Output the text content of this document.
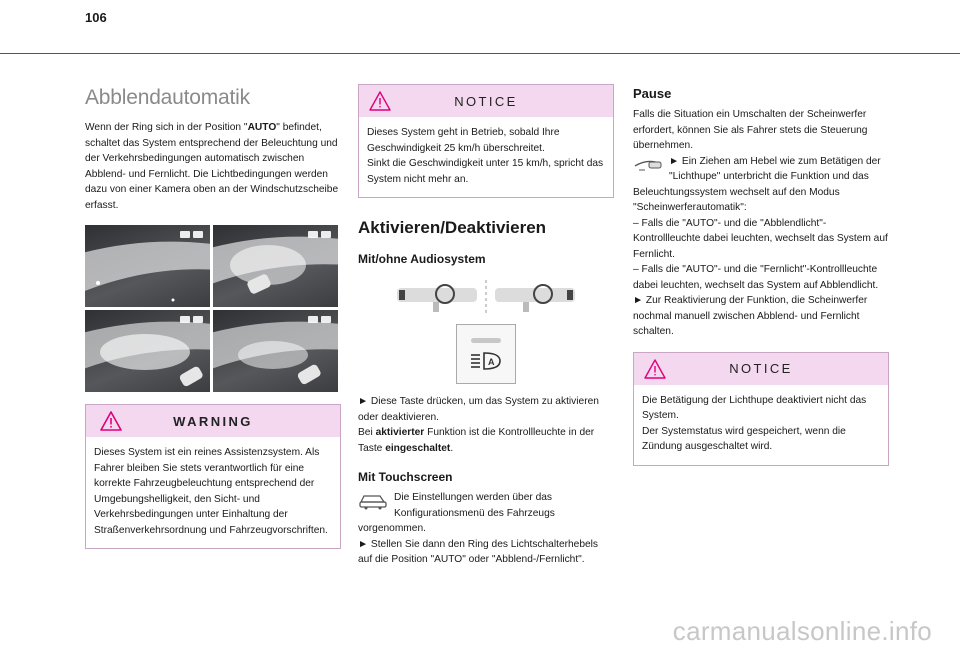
106
Abblendautomatik

Wenn der Ring sich in der Position "AUTO" befindet, schaltet das System entsprechend der Beleuchtung und der Verkehrsbedingungen automatisch zwischen Abblend- und Fernlicht. Die Lichtbedingungen werden dazu von einer Kamera oben an der Windschutzscheibe erfasst.

WARNING

Dieses System ist ein reines Assistenzsystem. Als Fahrer bleiben Sie stets verantwortlich für eine korrekte Fahrzeugbeleuchtung entsprechend der Umgebungshelligkeit, den Sicht- und Verkehrsbedingungen unter Einhaltung der Straßenverkehrsordnung und Fahrzeugvorschriften.

NOTICE

Dieses System geht in Betrieb, sobald Ihre Geschwindigkeit 25 km/h überschreitet.

Sinkt die Geschwindigkeit unter 15 km/h, spricht das System nicht mehr an.

Aktivieren/Deaktivieren
Mit/ohne Audiosystem
A

► Diese Taste drücken, um das System zu aktivieren oder deaktivieren.

Bei aktivierter Funktion ist die Kontrollleuchte in der Taste eingeschaltet.

Mit Touchscreen

Die Einstellungen werden über das Konfigurationsmenü des Fahrzeugs vorgenommen.

► Stellen Sie dann den Ring des Lichtschalterhebels auf die Position "AUTO" oder "Abblend-/Fernlicht".

Pause

Falls die Situation ein Umschalten der Scheinwerfer erfordert, können Sie als Fahrer stets die Steuerung übernehmen.

► Ein Ziehen am Hebel wie zum Betätigen der "Lichthupe" unterbricht die Funktion und das Beleuchtungssystem wechselt auf den Modus "Scheinwerferautomatik":

– Falls die "AUTO"- und die "Abblendlicht"-Kontrollleuchte dabei leuchten, wechselt das System auf Fernlicht.

– Falls die "AUTO"- und die "Fernlicht"-Kontrollleuchte dabei leuchten, wechselt das System auf Abblendlicht.

► Zur Reaktivierung der Funktion, die Scheinwerfer nochmal manuell zwischen Abblend- und Fernlicht schalten.

NOTICE

Die Betätigung der Lichthupe deaktiviert nicht das System.

Der Systemstatus wird gespeichert, wenn die Zündung ausgeschaltet wird.

carmanualsonline.info
